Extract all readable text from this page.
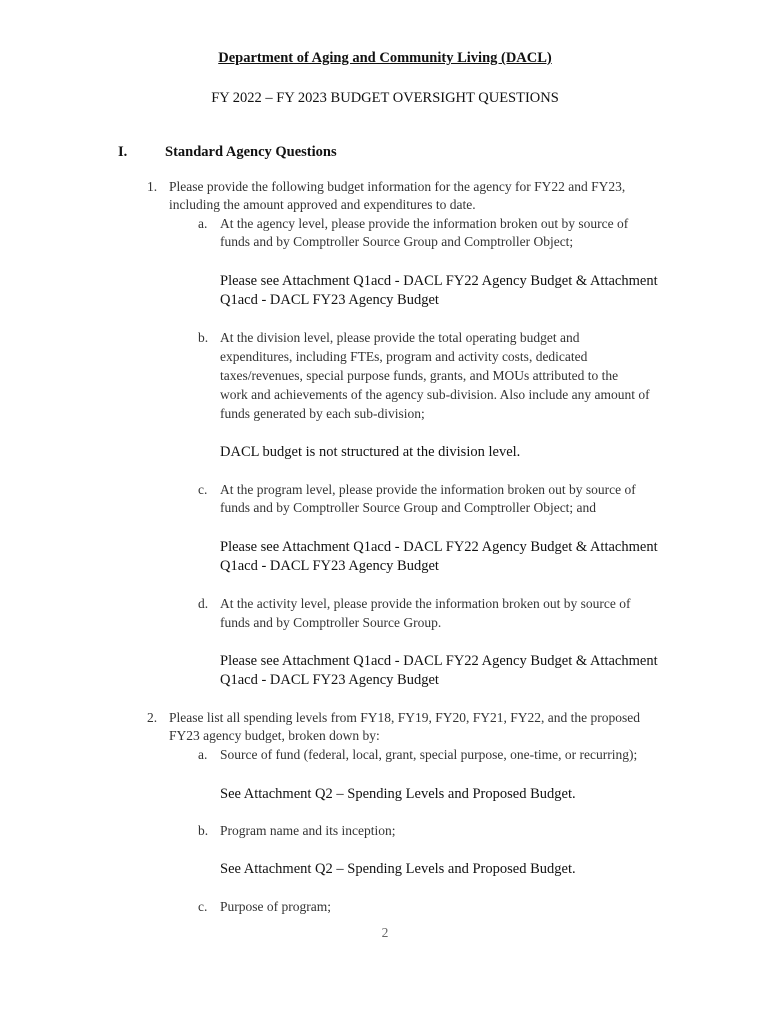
Department of Aging and Community Living (DACL)
FY 2022 – FY 2023 BUDGET OVERSIGHT QUESTIONS
I.	Standard Agency Questions
1. Please provide the following budget information for the agency for FY22 and FY23,
including the amount approved and expenditures to date.
a. At the agency level, please provide the information broken out by source of
funds and by Comptroller Source Group and Comptroller Object;
Please see Attachment Q1acd - DACL FY22 Agency Budget & Attachment
Q1acd - DACL FY23 Agency Budget
b. At the division level, please provide the total operating budget and
expenditures, including FTEs, program and activity costs, dedicated
taxes/revenues, special purpose funds, grants, and MOUs attributed to the
work and achievements of the agency sub-division. Also include any amount of
funds generated by each sub-division;
DACL budget is not structured at the division level.
c. At the program level, please provide the information broken out by source of
funds and by Comptroller Source Group and Comptroller Object; and
Please see Attachment Q1acd - DACL FY22 Agency Budget & Attachment
Q1acd - DACL FY23 Agency Budget
d. At the activity level, please provide the information broken out by source of
funds and by Comptroller Source Group.
Please see Attachment Q1acd - DACL FY22 Agency Budget & Attachment
Q1acd - DACL FY23 Agency Budget
2. Please list all spending levels from FY18, FY19, FY20, FY21, FY22, and the proposed
FY23 agency budget, broken down by:
a. Source of fund (federal, local, grant, special purpose, one-time, or recurring);
See Attachment Q2 – Spending Levels and Proposed Budget.
b. Program name and its inception;
See Attachment Q2 – Spending Levels and Proposed Budget.
c. Purpose of program;
2
